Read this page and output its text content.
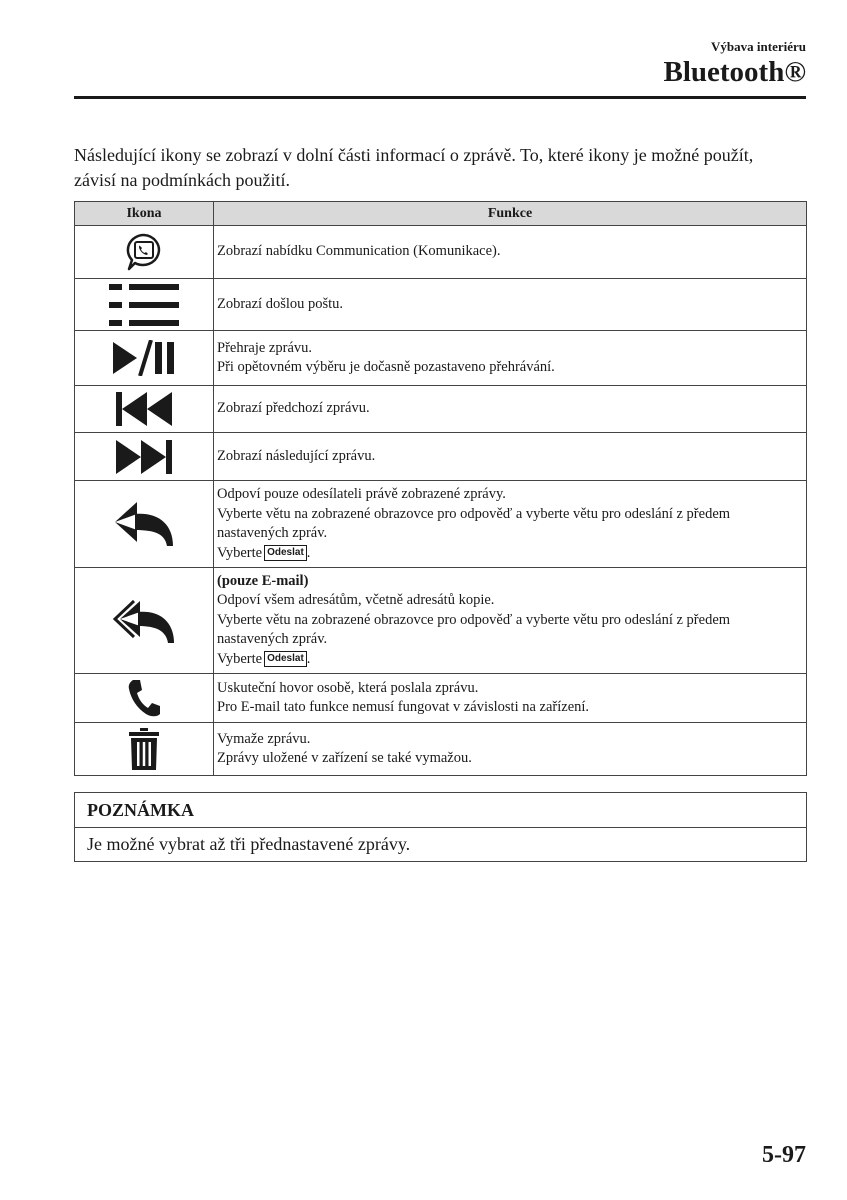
Výbava interiéru
Bluetooth®

Následující ikony se zobrazí v dolní části informací o zprávě. To, které ikony je možné použít, závisí na podmínkách použití.

Ikona	Funkce

Zobrazí nabídku Communication (Komunikace).

Zobrazí došlou poštu.

Přehraje zprávu.
Při opětovném výběru je dočasně pozastaveno přehrávání.

Zobrazí předchozí zprávu.

Zobrazí následující zprávu.

Odpoví pouze odesílateli právě zobrazené zprávy.
Vyberte větu na zobrazené obrazovce pro odpověď a vyberte větu pro odeslání z předem nastavených zpráv.
Vyberte Odeslat .

(pouze E-mail)
Odpoví všem adresátům, včetně adresátů kopie.
Vyberte větu na zobrazené obrazovce pro odpověď a vyberte větu pro odeslání z předem nastavených zpráv.
Vyberte Odeslat .

Uskuteční hovor osobě, která poslala zprávu.
Pro E-mail tato funkce nemusí fungovat v závislosti na zařízení.

Vymaže zprávu.
Zprávy uložené v zařízení se také vymažou.
POZNÁMKA
Je možné vybrat až tři přednastavené zprávy.
5-97
